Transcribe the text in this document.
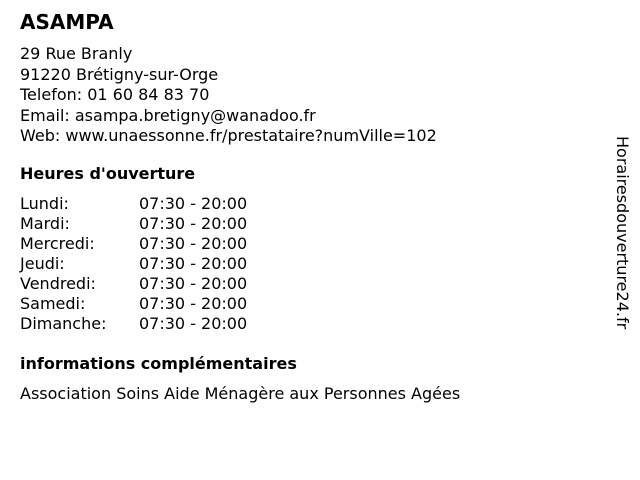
ASAMPA
29 Rue Branly
91220 Brétigny-sur-Orge
Telefon: 01 60 84 83 70
Email: asampa.bretigny@wanadoo.fr
Web: www.unaessonne.fr/prestataire?numVille=102
Heures d'ouverture
Lundi:	07:30 - 20:00
Mardi:	07:30 - 20:00
Mercredi:	07:30 - 20:00
Jeudi:	07:30 - 20:00
Vendredi:	07:30 - 20:00
Samedi:	07:30 - 20:00
Dimanche:	07:30 - 20:00
informations complémentaires
Association Soins Aide Ménagère aux Personnes Agées
Horairesdouverture24.fr
